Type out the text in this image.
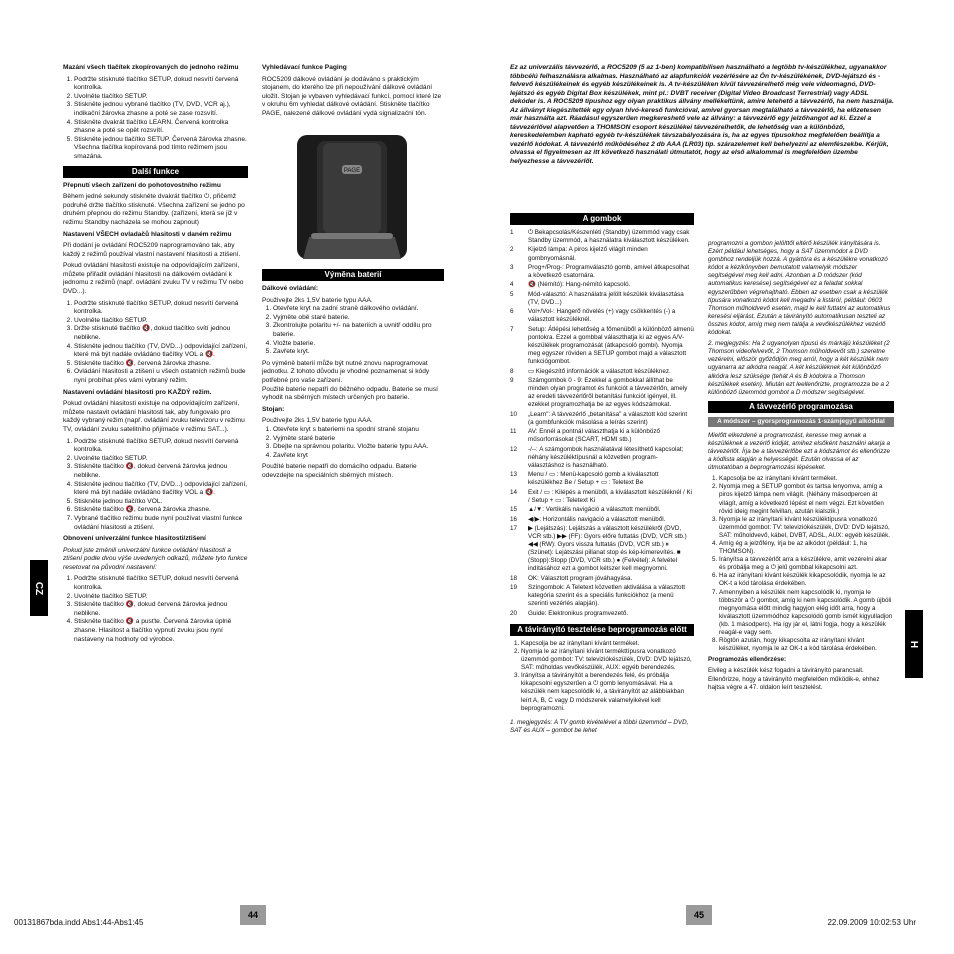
Mazání všech tlačítek zkopírovaných do jednoho režimu

1. Podržte stisknuté tlačítko SETUP, dokud nesvítí červená kontrolka.
2. Uvolněte tlačítko SETUP.
3. Stiskněte jednou vybrané tlačítko (TV, DVD, VCR aj.), indikační žárovka zhasne a poté se zase rozsvítí.
4. Stiskněte dvakrát tlačítko LEARN. Červená kontrolka zhasne a poté se opět rozsvítí.
5. Stiskněte jednou tlačítko SETUP. Červená žárovka zhasne. Všechna tlačítka kopírovaná pod tímto režimem jsou smazána.
Další funkce

Přepnutí všech zařízení do pohotovostního režimu

Během jedné sekundy stiskněte dvakrát tlačítko ⏻, přičemž podruhé držte tlačítko stisknuté. Všechna zařízení se jedno po druhém přepnou do režimu Standby. (zařízení, která se již v režimu Standby nacházela se mohou zapnout)

Nastavení VŠECH ovladačů hlasitosti v daném režimu

Při dodání je ovládání ROC5209 naprogramováno tak, aby každý z režimů používal vlastní nastavení hlasitosti a ztišení.

Pokud ovládání hlasitosti existuje na odpovídajícím zařízení, můžete přiřadit ovládání hlasitosti na dálkovém ovládání k jednomu z režimů (např. ovládání zvuku TV v režimu TV nebo DVD...).

1. Podržte stisknuté tlačítko SETUP, dokud nesvítí červená kontrolka.
2. Uvolněte tlačítko SETUP.
3. Držte stisknuté tlačítko 🔇, dokud tlačítko svítí jednou neblikne.
4. Stiskněte jednou tlačítko (TV, DVD...) odpovídající zařízení, které má být nadále ovládáno tlačítky VOL a 🔇.
5. Stiskněte tlačítko 🔇, červená žárovka zhasne.
6. Ovládání hlasitosti a ztišení u všech ostatních režimů bude nyní probíhat přes vámi vybraný režim.

Nastavení ovládání hlasitosti pro KAŽDÝ režim.

Pokud ovládání hlasitosti existuje na odpovídajícím zařízení, můžete nastavit ovládání hlasitosti tak, aby fungovalo pro každý vybraný režim (např. ovládání zvuku televizoru v režimu TV, ovládání zvuku satelitního přijímače v režimu SAT...).

1. Podržte stisknuté tlačítko SETUP, dokud nesvítí červená kontrolka.
2. Uvolněte tlačítko SETUP.
3. Stiskněte tlačítko 🔇, dokud červená žárovka jednou neblikne.
4. Stiskněte jednou tlačítko (TV, DVD...) odpovídající zařízení, které má být nadále ovládáno tlačítky VOL a 🔇.
5. Stiskněte jednou tlačítko VOL.
6. Stiskněte tlačítko 🔇, červená žárovka zhasne.
7. Vybrané tlačítko režimu bude nyní používat vlastní funkce ovládání hlasitosti a ztišení.

Obnovení univerzální funkce hlasitosti/ztišení

Pokud jste změnili univerzální funkce ovládání hlasitosti a ztišení podle dvou výše uvedených odkazů, můžete tyto funkce resetovat na původní nastavení:

1. Podržte stisknuté tlačítko SETUP, dokud nesvítí červená kontrolka.
2. Uvolněte tlačítko SETUP.
3. Stiskněte tlačítko 🔇, dokud červená žárovka jednou neblikne.
4. Stiskněte tlačítko 🔇 a pusťte. Červená žárovka úplně zhasne. Hlasitost a tlačítko vypnutí zvuku jsou nyní nastaveny na hodnoty od výrobce.

Vyhledávací funkce Paging

ROC5209 dálkové ovládání je dodáváno s praktickým stojanem, do kterého lze při nepoužívání dálkové ovládání uložit. Stojan je vybaven vyhledávací funkcí, pomocí které lze v okruhu 6m vyhledat dálkové ovládání. Stiskněte tlačítko PAGE, nalezené dálkové ovládání vydá signalizační tón.

PAGE
Výměna baterií

Dálkové ovládání:

Použivejte 2ks 1,5V baterie typu AAA.

1. Otevřete kryt na zadní straně dálkového ovládání.
2. Vyjměte obě staré baterie.
3. Zkontrolujte polaritu +/- na bateriích a uvnitř oddílu pro baterie.
4. Vložte baterie.
5. Zavřete kryt.

Po výměně baterií může být nutné znovu naprogramovat jednotku. Z tohoto důvodu je vhodné poznamenat si kódy potřebné pro vaše zařízení.

Použité baterie nepatří do běžného odpadu. Baterie se musí vyhodit na sběrných místech určených pro baterie.

Stojan:

Použivejte 2ks 1,5V baterie typu AAA.

1. Otevřete kryt s bateriemi na spodní straně stojanu
2. Vyjměte staré baterie
3. Dbejte na správnou polaritu. Vložte baterie typu AAA.
4. Zavřete kryt

Použité baterie nepatří do domácího odpadu. Baterie odevzdejte na speciálních sběrných místech.

CZ
44

Ez az univerzális távvezérlő, a ROC5209 (5 az 1-ben) kompatibilisen használható a legtöbb tv-készülékhez, ugyanakkor többcélú felhasználásra alkalmas. Használható az alapfunkciók vezérlésére az Ön tv-készülékének, DVD-lejátszó és -felvevő készülékeinek és egyéb készülékeinek is. A tv-készüléken kívül távvezérelhető még vele videomagnó, DVD-lejátszó és egyéb Digital Box készülékek, mint pl.: DVBT receiver (Digital Video Broadcast Terrestrial) vagy ADSL dekóder is. A ROC5209 típushoz egy olyan praktikus állvány mellékeltünk, amire letehető a távvezérlő, ha nem használja. Az állványt kiegészítették egy olyan hívó-kereső funkcióval, amivel gyorsan megtalálható a távvezérlő, ha előzetesen már használta azt. Ráadásul egyszerűen megkereshető vele az állvány: a távvezérlő egy jelzőhangot ad ki. Ezzel a távvezérlővel alapvetően a THOMSON csoport készülékei távvezérelhetők, de lehetőség van a különböző, kereskedelemben kapható egyéb tv-készülékek távszabályozására is, ha az egyes típusokhoz megfelelően beállítja a vezérlő kódokat. A távvezérlő működéséhez 2 db AAA (LR03) tip. szárazelemet kell behelyezni az elemfészekbe. Kérjük, olvassa el figyelmesen az itt következő használati útmutatót, hogy az első alkalommal is megfelelően üzembe helyezhesse a távvezérlőt.

A gombok
1	⏻ Bekapcsolás/Készenléti (Standby) üzemmód vagy csak Standby üzemmód, a használatra kiválasztott készüléken.
2	Kijelző lámpa: A piros kijelző világít minden gombnyomásnál.
3	Prog+/Prog-: Programválasztó gomb, amivel átkapcsolhat a következő csatornára.
4	🔇 (Némító): Hang-némító kapcsoló.
5	Mód-választó: A használatra jelölt készülék kiválasztása (TV, DVD...)
6	Vol+/Vol-: Hangerő növelés (+) vagy csökkentés (-) a választott készüléknél.
7	Setup: Átlépési lehetőség a főmenüből a különböző almenü pontokra. Ezzel a gombbal választhatja ki az egyes A/V-készülékek programozását (átkapcsoló gombi). Nyomja meg egyszer röviden a SETUP gombot majd a választott funkciógombot.
8	▭ Kiegészítő információk a választott készüléknez.
9	Számgombok 0 - 9: Ezekkel a gombokkal állíthat be minden olyan programot és funkciót a távvezérlőn, amely az eredeti távvezérlőről betanítási funkciót igényel, ill. ezekkel programozhatja be az egyes kódszámokat.
10	„Learn": A távvezérlő „betanítása" a választott kód szerint (a gombfunkciók másolása a leírás szerint)
11	AV: Ennél a pontnál választhatja ki a különböző műsorforrásokat (SCART, HDMI stb.)
12	-/--: A számgombok használatával létesíthető kapcsolat; néhány készüléktípusnál a közvetlen program-választáshoz is használható.
13	Menu / ▭ : Menü-kapcsoló gomb a kiválasztott készülékhez Be / Setup + ▭ : Teletext Be
14	Exit / ▭ : Kilépés a menüből, a kiválasztott készüléknél / Ki / Setup + ▭ : Teletext Ki
15	▲/▼: Vertikális navigáció a választott menüből.
16	◀/▶: Horizontális navigáció a választott menüből.
17	▶ (Lejátszás): Lejátszás a választott készülékről (DVD, VCR stb.) ▶▶ (FF): Gyors előre futtatás (DVD, VCR stb.) ◀◀ (RW): Gyors vissza futtatás (DVD, VCR stb.) ⏸ (Szünet): Lejátszási pillanat stop és kép-kimerevítés. ■ (Stopp):Stopp (DVD, VCR stb.) ● (Felvétel): A felvétel indításához ezt a gombot kétszer kell megnyomni.
18	OK: Választott program jóváhagyása.
19	Színgombok: A Teletext közvetlen aktiválása a választott kategória szerint és a speciális funkciókhoz (a menü szerinti vezérlés alapján).
20	Guide: Elektronikus programvezető.
A távirányító tesztelése beprogramozás előtt
1. Kapcsolja be az irányítani kívánt terméket.
2. Nyomja le az irányítani kívánt termékttípusra vonatkozó üzemmód gombot: TV: televiziókészülék, DVD: DVD lejátszó, SAT: műholdas vevőkészülék, AUX: egyéb berendezés.
3. Irányítsa a távirányítót a berendezés felé, és próbálja kikapcsolni egyszerűen a ⏻ gomb lenyomásával. Ha a készülék nem kapcsolódik ki, a távirányítót az alábbiakban leírt A, B, C vagy D módszerek valamelyikével kell beprogramozni.

1. megjegyzés: A TV gomb kivételével a többi üzemmód – DVD, SAT és AUX – gombot be lehet

programozni a gombon jelölttől eltérő készülék irányítására is. Ezért például lehetséges, hogy a SAT üzemmódot a DVD gombhoz rendeljük hozzá. A gyártóra és a készülékre vonatkozó kódot a kézikönyvben bemutatott valamelyik módszer segítségével meg kell adni. Azonban a D módszer (kód automatikus keresése) segítségével ez a feladat sokkal egyszerűbben végrehajtható. Ebben az esetben csak a készülék típusára vonatkozó kódot kell megadni a listáról, például: 0603 Thomson műholdvevő esetén, majd le kell futtatni az automatikus keresési eljárást. Ezután a távirányító automatikusan teszteli az összes kódot, amíg meg nem találja a vevőkészülékhez vezérlő kódokat.

2. megjegyzés: Ha 2 ugyanolyan típusú és márkájú készüléket (2 Thomson videofelvevőt, 2 Thomson műholdvevőt stb.) szeretne vezérelni, először győződjön meg arról, hogy a két készülék nem ugyanarra az alkódra reagál. A két készüléknek két különböző alkódra lesz szüksége (tehát A és B kódokra a Thomson készülékek esetén). Miután ezt leellenőrizte, programozza be a 2 különböző üzemmód gombot a D módszer segítségével.

A távvezérlő programozása
A módszer – gyorsprogramozás 1-számjegyű alkóddal

Mielőtt elkezdené a programozást, keresse meg annak a készüléknek a vezérlő kódját, amihez elsőként használni akarja a távvezérlőt. Írja be a távvezérlőbe ezt a kódszámot és ellenőrizze a kódlista alapján a helyességét. Ezután olvassa el az útmutatóban a beprogramozási lépéseket.

1. Kapcsolja be az irányítani kívánt terméket.
2. Nyomja meg a SETUP gombot és tartsa lenyomva, amíg a piros kijelző lámpa nem világít. (Néhány másodpercen át világít, amíg a következő lépést el nem végzi. Ezt követően rövid ideig megint felvillan, azután kialszik.)
3. Nyomja le az irányítani kívánt készüléktípusra vonatkozó üzemmód gombot: TV: televiziókészülék, DVD: DVD lejátszó, SAT: műholdvevő, kábel, DVBT, ADSL, AUX: egyéb készülék.
4. Amíg ég a jelzőfény, írja be az alkódot (például: 1, ha THOMSON).
5. Irányítsa a távvezérlőt arra a készülékre, amit vezérelni akar és próbálja meg a ⏻ jelű gombbal kikapcsolni azt.
6. Ha az irányítani kívánt készülék kikapcsolódik, nyomja le az OK-t a kód tárolása érdekében.
7. Amennyiben a készülék nem kapcsolódik ki, nyomja le többször a ⏻ gombot, amíg ki nem kapcsolódik. A gomb újbóli megnyomása előtt mindig hagyjon elég időt arra, hogy a kiválasztott üzemmódhoz kapcsolódó gomb ismét kigyulladjon (kb. 1 másodperc). Ha így jár el, látni fogja, hogy a készülék reagál-e vagy sem.
8. Rögtön azután, hogy kikapcsolta az irányítani kívánt készüléket, nyomja le az OK-t a kód tárolása érdekében.

Programozás ellenőrzése:

Elvileg a készülék kész fogadni a távirányító parancsait. Ellenőrizze, hogy a távirányító megfelelően működik-e, ehhez hajtsa végre a 47. oldalon leírt tesztelést.

H
45
00131867bda.indd Abs1:44-Abs1:45	22.09.2009 10:02:53 Uhr
